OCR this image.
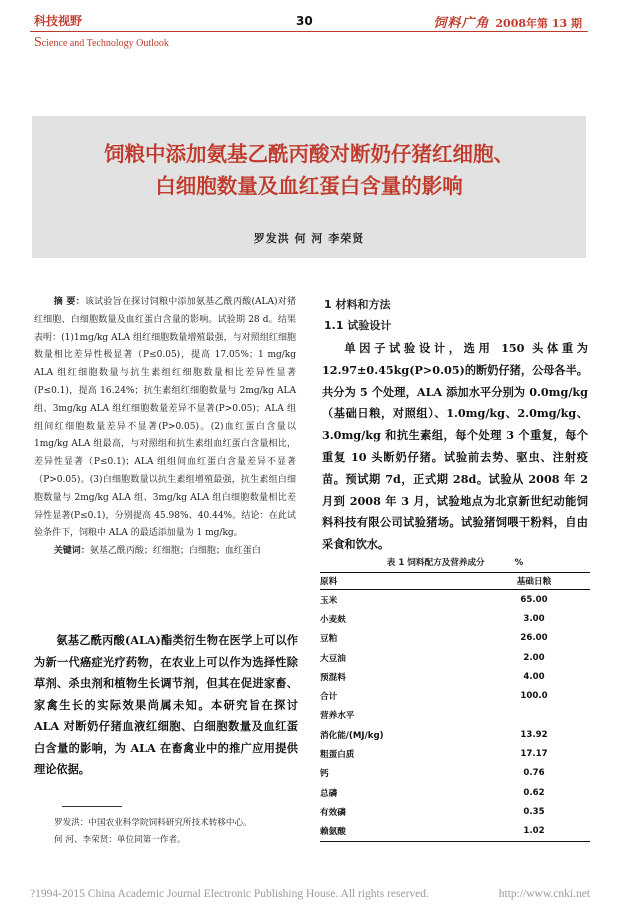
科技视野	30	饲料广角 2008年第 13 期
Science and Technology Outlook
饲粮中添加氨基乙酰丙酸对断奶仔猪红细胞、
白细胞数量及血红蛋白含量的影响
罗发洪 何 河 李荣贤

摘 要：该试验旨在探讨饲粮中添加氨基乙酰丙酸(ALA)对猪红细胞、白细胞数量及血红蛋白含量的影响。试验期 28 d。结果表明：(1)1mg/kg ALA 组红细胞数量增殖最强，与对照组红细胞数量相比差异性极显著（P≤0.05)，提高 17.05%；1 mg/kg ALA 组红细胞数量与抗生素组红细胞数量相比差异性显著(P≤0.1)，提高 16.24%；抗生素组红细胞数量与 2mg/kg ALA 组、3mg/kg ALA 组红细胞数量差异不显著(P>0.05)；ALA 组组间红细胞数量差异不显著(P>0.05)。(2)血红蛋白含量以 1mg/kg ALA 组最高，与对照组和抗生素组血红蛋白含量相比，差异性显著（P≤0.1)；ALA 组组间血红蛋白含量差异不显著（P>0.05)。(3)白细胞数量以抗生素组增殖最强，抗生素组白细胞数量与 2mg/kg ALA 组、3mg/kg ALA 组白细胞数量相比差异性显著(P≤0.1)，分别提高 45.98%、40.44%。结论：在此试验条件下，饲粮中 ALA 的最适添加量为 1 mg/kg。

关键词：氨基乙酰丙酸；红细胞；白细胞；血红蛋白

氨基乙酰丙酸(ALA)酯类衍生物在医学上可以作为新一代癌症光疗药物，在农业上可以作为选择性除草剂、杀虫剂和植物生长调节剂，但其在促进家畜、家禽生长的实际效果尚属未知。本研究旨在探讨 ALA 对断奶仔猪血液红细胞、白细胞数量及血红蛋白含量的影响，为 ALA 在畜禽业中的推广应用提供理论依据。

罗发洪：中国农业科学院饲料研究所技术转移中心。

何 河、李荣贤：单位同第一作者。

1 材料和方法
1.1 试验设计

单因子试验设计，选用 150 头体重为 12.97±0.45kg(P>0.05)的断奶仔猪，公母各半。共分为 5 个处理，ALA 添加水平分别为 0.0mg/kg（基础日粮，对照组）、1.0mg/kg、2.0mg/kg、3.0mg/kg 和抗生素组，每个处理 3 个重复，每个重复 10 头断奶仔猪。试验前去势、驱虫、注射疫苗。预试期 7d，正式期 28d。试验从 2008 年 2 月到 2008 年 3 月，试验地点为北京新世纪动能饲料科技有限公司试验猪场。试验猪饲喂干粉料，自由采食和饮水。

表 1 饲料配方及营养成分	%
原料	基础日粮
玉米	65.00
小麦麸	3.00
豆粕	26.00
大豆油	2.00
预混料	4.00
合计	100.0
营养水平	
消化能/(MJ/kg)	13.92
粗蛋白质	17.17
钙	0.76
总磷	0.62
有效磷	0.35
赖氨酸	1.02
?1994-2015 China Academic Journal Electronic Publishing House. All rights reserved.	http://www.cnki.net
